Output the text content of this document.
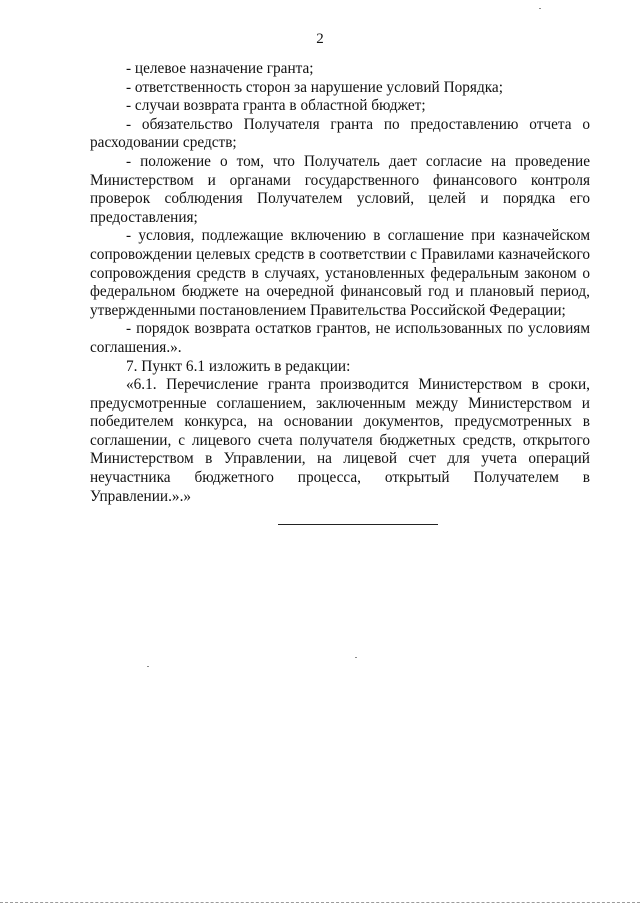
2

- целевое назначение гранта;

- ответственность сторон за нарушение условий Порядка;

- случаи возврата гранта в областной бюджет;

- обязательство Получателя гранта по предоставлению отчета о расходовании средств;

- положение о том, что Получатель дает согласие на проведение Министерством и органами государственного финансового контроля проверок соблюдения Получателем условий, целей и порядка его предоставления;

- условия, подлежащие включению в соглашение при казначейском сопровождении целевых средств в соответствии с Правилами казначейского сопровождения средств в случаях, установленных федеральным законом о федеральном бюджете на очередной финансовый год и плановый период, утвержденными постановлением Правительства Российской Федерации;

- порядок возврата остатков грантов, не использованных по условиям соглашения.».

7. Пункт 6.1 изложить в редакции:

«6.1. Перечисление гранта производится Министерством в сроки, предусмотренные соглашением, заключенным между Министерством и победителем конкурса, на основании документов, предусмотренных в соглашении, с лицевого счета получателя бюджетных средств, открытого Министерством в Управлении, на лицевой счет для учета операций неучастника бюджетного процесса, открытый Получателем в Управлении.».»
